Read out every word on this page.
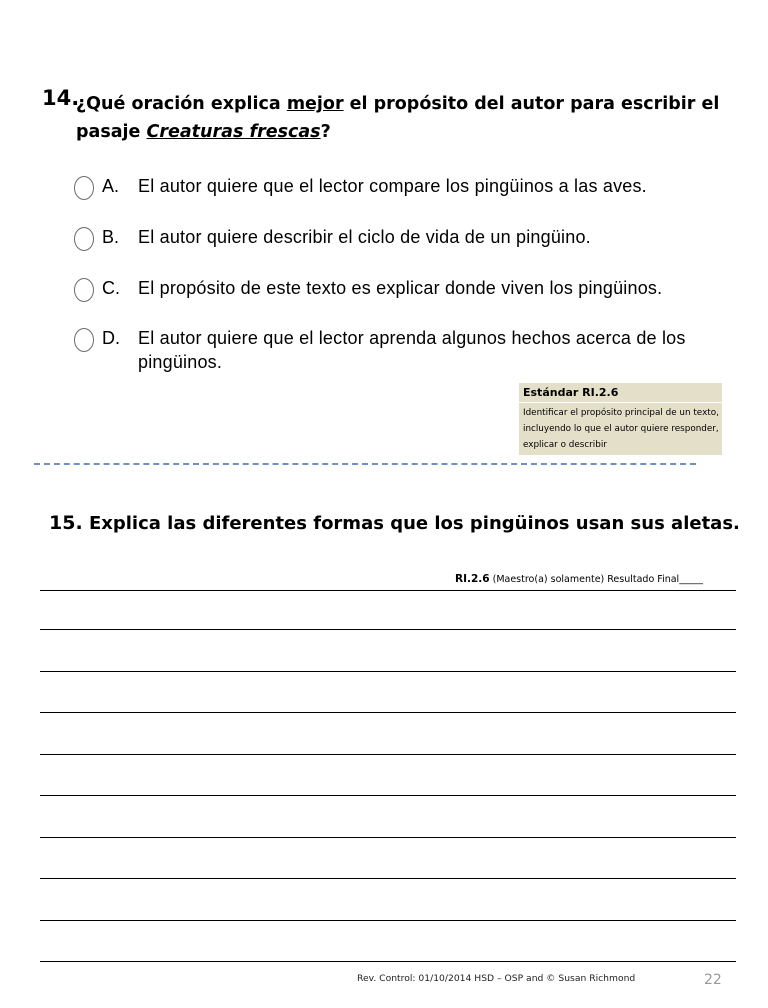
14.
¿Qué oración explica mejor el propósito del autor para escribir el pasaje Creaturas frescas?
A. El autor quiere que el lector compare los pingüinos a las aves.
B. El autor quiere describir el ciclo de vida de un pingüino.
C. El propósito de este texto es explicar donde viven los pingüinos.
D. El autor quiere que el lector aprenda algunos hechos acerca de los pingüinos.
Estándar RI.2.6
Identificar el propósito principal de un texto, incluyendo lo que el autor quiere responder, explicar o describir
15. Explica las diferentes formas que los pingüinos usan sus aletas.
RI.2.6 (Maestro(a) solamente) Resultado Final_____
Rev. Control: 01/10/2014 HSD – OSP and © Susan Richmond	22
